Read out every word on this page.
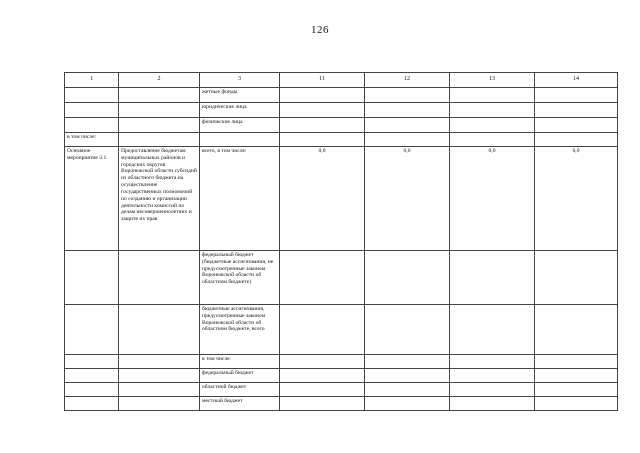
126
1	2	3	11	12	13	14
		жетные фонды				
		юридические лица				
		физические лица				
в том числе:						
Основное мероприятие 3.1	Предоставление бюджетам муниципальных районов и городских округов Воронежской области субсидий из областного бюджета на осуществление государственных полномочий по созданию и организации деятельности комиссий по делам несовершеннолетних и защите их прав	всего, в том числе:	0,0	0,0	0,0	0,0
		федеральный бюджет (бюджетные ассигнования, не предусмотренные законом Воронежской области об областном бюджете)				
		бюджетные ассигнования, предусмотренные законом Воронежской области об областном бюджете, всего				
		в том числе:				
		федеральный бюджет				
		областной бюджет				
		местный бюджет				
